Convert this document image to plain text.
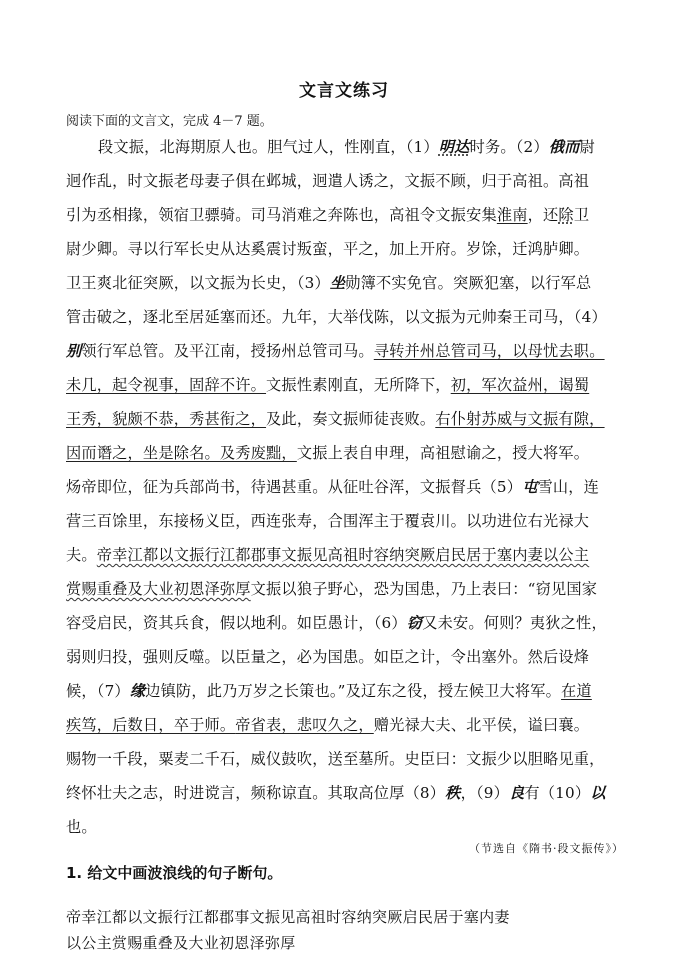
文言文练习
阅读下面的文言文，完成 4－7 题。
段文振，北海期原人也。胆气过人，性刚直，（1）明达时务。（2）俄而尉
迥作乱，时文振老母妻子俱在邺城，迥遣人诱之，文振不顾，归于高祖。高祖
引为丞相掾，领宿卫骠骑。司马消难之奔陈也，高祖令文振安集淮南，还除卫
尉少卿。寻以行军长史从达奚震讨叛蛮，平之，加上开府。岁馀，迁鸿胪卿。
卫王爽北征突厥，以文振为长史，（3）坐勋簿不实免官。突厥犯塞，以行军总
管击破之，逐北至居延塞而还。九年，大举伐陈，以文振为元帅秦王司马，（4）
别领行军总管。及平江南，授扬州总管司马。寻转并州总管司马，以母忧去职。
未几，起令视事，固辞不许。文振性素刚直，无所降下，初，军次益州，谒蜀
王秀，貌颇不恭，秀甚衔之，及此，奏文振师徒丧败。右仆射苏威与文振有隙，
因而谮之，坐是除名。及秀废黜，文振上表自申理，高祖慰谕之，授大将军。
炀帝即位，征为兵部尚书，待遇甚重。从征吐谷浑，文振督兵（5）屯雪山，连
营三百馀里，东接杨义臣，西连张寿，合围浑主于覆袁川。以功进位右光禄大
夫。帝幸江都以文振行江都郡事文振见高祖时容纳突厥启民居于塞内妻以公主
赏赐重叠及大业初恩泽弥厚文振以狼子野心，恐为国患，乃上表曰：“窃见国家
容受启民，资其兵食，假以地利。如臣愚计，（6）窃又未安。何则？夷狄之性，
弱则归投，强则反噬。以臣量之，必为国患。如臣之计，令出塞外。然后设烽
候，（7）缘边镇防，此乃万岁之长策也。”及辽东之役，授左候卫大将军。在道
疾笃，后数日，卒于师。帝省表，悲叹久之，赠光禄大夫、北平侯，谥曰襄。
赐物一千段，粟麦二千石，威仪鼓吹，送至墓所。史臣曰：文振少以胆略见重，
终怀壮夫之志，时进谠言，频称谅直。其取高位厚（8）秩，（9）良有（10）以
也。
（节选自《隋书·段文振传》）
1. 给文中画波浪线的句子断句。
帝幸江都以文振行江都郡事文振见高祖时容纳突厥启民居于塞内妻
以公主赏赐重叠及大业初恩泽弥厚
